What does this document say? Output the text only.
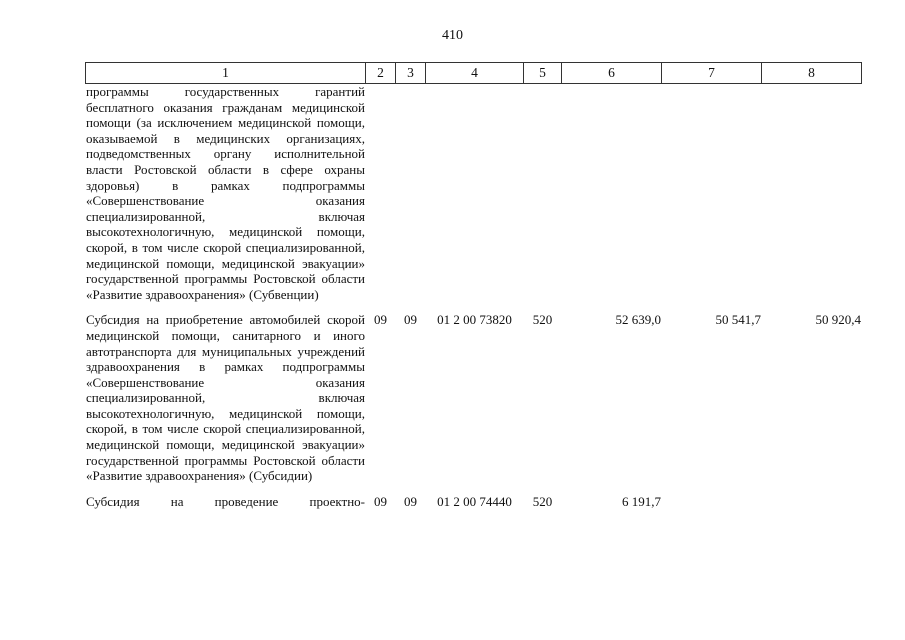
410
1	2	3	4	5	6	7	8

программы государственных гарантий бесплатного оказания гражданам медицинской помощи (за исключением медицинской помощи, оказываемой в медицинских организациях, подведомственных органу исполнительной власти Ростовской области в сфере охраны здоровья) в рамках подпрограммы «Совершенствование оказания специализированной, включая высокотехнологичную, медицинской помощи, скорой, в том числе скорой специализированной, медицинской помощи, медицинской эвакуации» государственной программы Ростовской области «Развитие здравоохранения» (Субвенции)							

Субсидия на приобретение автомобилей скорой медицинской помощи, санитарного и иного автотранспорта для муниципальных учреждений здравоохранения в рамках подпрограммы «Совершенствование оказания специализированной, включая высокотехнологичную, медицинской помощи, скорой, в том числе скорой специализированной, медицинской помощи, медицинской эвакуации» государственной программы Ростовской области «Развитие здравоохранения» (Субсидии)	09	09	01 2 00 73820	520	52 639,0	50 541,7	50 920,4

Субсидия на проведение проектно-	09	09	01 2 00 74440	520	6 191,7		
